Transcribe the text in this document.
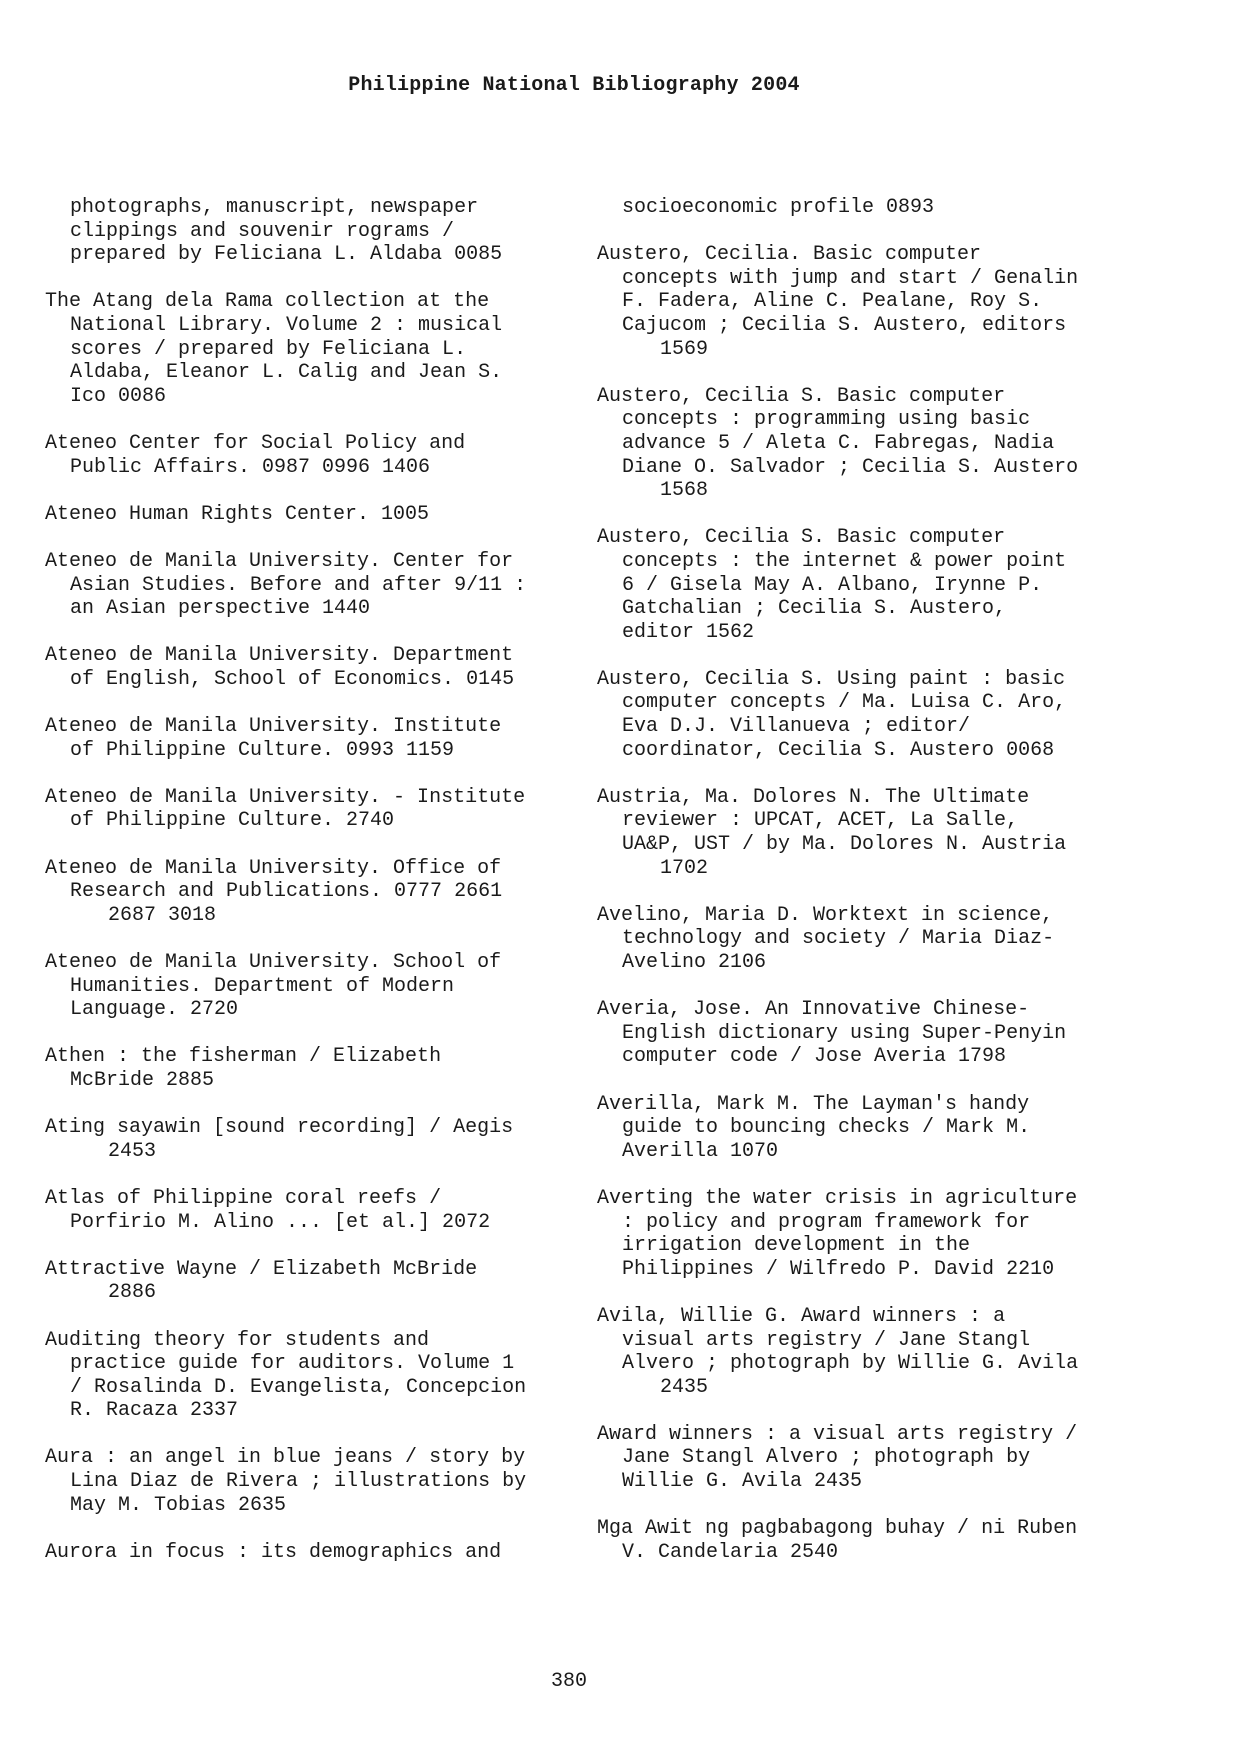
Philippine National Bibliography 2004
photographs, manuscript, newspaper
clippings and souvenir rograms /
prepared by Feliciana L. Aldaba 0085
The Atang dela Rama collection at the
National Library. Volume 2 : musical
scores / prepared by Feliciana L.
Aldaba, Eleanor L. Calig and Jean S.
Ico 0086
Ateneo Center for Social Policy and
Public Affairs. 0987 0996 1406
Ateneo Human Rights Center. 1005
Ateneo de Manila University. Center for
Asian Studies. Before and after 9/11 :
an Asian perspective 1440
Ateneo de Manila University. Department
of English, School of Economics. 0145
Ateneo de Manila University. Institute
of Philippine Culture. 0993 1159
Ateneo de Manila University. - Institute
of Philippine Culture. 2740
Ateneo de Manila University. Office of
Research and Publications. 0777 2661
2687 3018
Ateneo de Manila University. School of
Humanities. Department of Modern
Language. 2720
Athen : the fisherman / Elizabeth
McBride 2885
Ating sayawin [sound recording] / Aegis
2453
Atlas of Philippine coral reefs /
Porfirio M. Alino ... [et al.] 2072
Attractive Wayne / Elizabeth McBride
2886
Auditing theory for students and
practice guide for auditors. Volume 1
/ Rosalinda D. Evangelista, Concepcion
R. Racaza 2337
Aura : an angel in blue jeans / story by
Lina Diaz de Rivera ; illustrations by
May M. Tobias 2635
Aurora in focus : its demographics and
socioeconomic profile 0893
Austero, Cecilia. Basic computer
concepts with jump and start / Genalin
F. Fadera, Aline C. Pealane, Roy S.
Cajucom ; Cecilia S. Austero, editors
1569
Austero, Cecilia S. Basic computer
concepts : programming using basic
advance 5 / Aleta C. Fabregas, Nadia
Diane O. Salvador ; Cecilia S. Austero
1568
Austero, Cecilia S. Basic computer
concepts : the internet & power point
6 / Gisela May A. Albano, Irynne P.
Gatchalian ; Cecilia S. Austero,
editor 1562
Austero, Cecilia S. Using paint : basic
computer concepts / Ma. Luisa C. Aro,
Eva D.J. Villanueva ; editor/
coordinator, Cecilia S. Austero 0068
Austria, Ma. Dolores N. The Ultimate
reviewer : UPCAT, ACET, La Salle,
UA&P, UST / by Ma. Dolores N. Austria
1702
Avelino, Maria D. Worktext in science,
technology and society / Maria Diaz-
Avelino 2106
Averia, Jose. An Innovative Chinese-
English dictionary using Super-Penyin
computer code / Jose Averia 1798
Averilla, Mark M. The Layman's handy
guide to bouncing checks / Mark M.
Averilla 1070
Averting the water crisis in agriculture
: policy and program framework for
irrigation development in the
Philippines / Wilfredo P. David 2210
Avila, Willie G. Award winners : a
visual arts registry / Jane Stangl
Alvero ; photograph by Willie G. Avila
2435
Award winners : a visual arts registry /
Jane Stangl Alvero ; photograph by
Willie G. Avila 2435
Mga Awit ng pagbabagong buhay / ni Ruben
V. Candelaria 2540
380
